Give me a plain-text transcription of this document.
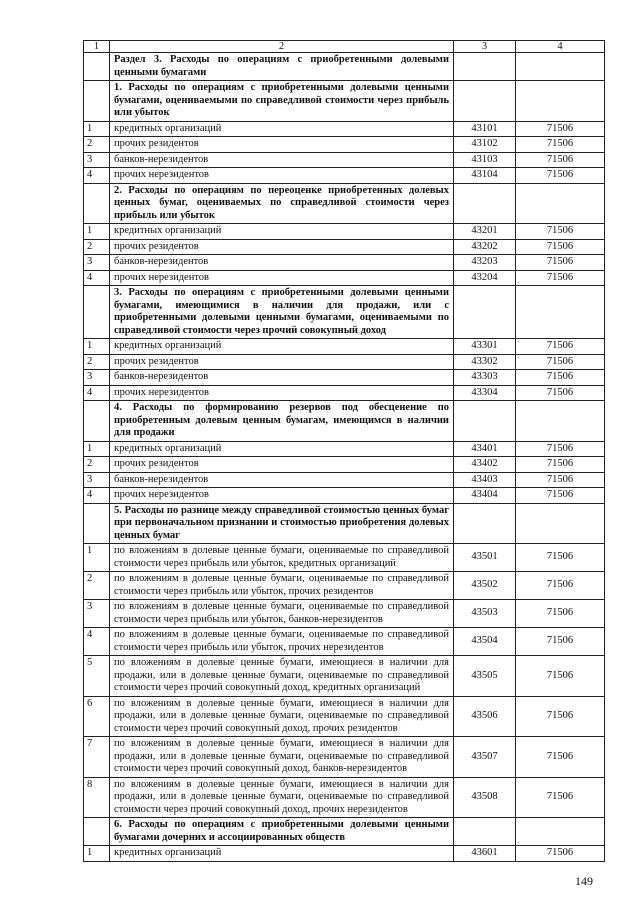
1	2	3	4
	Раздел 3. Расходы по операциям с приобретенными долевыми ценными бумагами		
	1. Расходы по операциям с приобретенными долевыми ценными бумагами, оцениваемыми по справедливой стоимости через прибыль или убыток		
1	кредитных организаций	43101	71506
2	прочих резидентов	43102	71506
3	банков-нерезидентов	43103	71506
4	прочих нерезидентов	43104	71506
	2. Расходы по операциям по переоценке приобретенных долевых ценных бумаг, оцениваемых по справедливой стоимости через прибыль или убыток		
1	кредитных организаций	43201	71506
2	прочих резидентов	43202	71506
3	банков-нерезидентов	43203	71506
4	прочих нерезидентов	43204	71506
	3. Расходы по операциям с приобретенными долевыми ценными бумагами, имеющимися в наличии для продажи, или с приобретенными долевыми ценными бумагами, оцениваемыми по справедливой стоимости через прочий совокупный доход		
1	кредитных организаций	43301	71506
2	прочих резидентов	43302	71506
3	банков-нерезидентов	43303	71506
4	прочих нерезидентов	43304	71506
	4. Расходы по формированию резервов под обесценение по приобретенным долевым ценным бумагам, имеющимся в наличии для продажи		
1	кредитных организаций	43401	71506
2	прочих резидентов	43402	71506
3	банков-нерезидентов	43403	71506
4	прочих нерезидентов	43404	71506
	5. Расходы по разнице между справедливой стоимостью ценных бумаг при первоначальном признании и стоимостью приобретения долевых ценных бумаг		
1	по вложениям в долевые ценные бумаги, оцениваемые по справедливой стоимости через прибыль или убыток, кредитных организаций	43501	71506
2	по вложениям в долевые ценные бумаги, оцениваемые по справедливой стоимости через прибыль или убыток, прочих резидентов	43502	71506
3	по вложениям в долевые ценные бумаги, оцениваемые по справедливой стоимости через прибыль или убыток, банков-нерезидентов	43503	71506
4	по вложениям в долевые ценные бумаги, оцениваемые по справедливой стоимости через прибыль или убыток, прочих нерезидентов	43504	71506
5	по вложениям в долевые ценные бумаги, имеющиеся в наличии для продажи, или в долевые ценные бумаги, оцениваемые по справедливой стоимости через прочий совокупный доход, кредитных организаций	43505	71506
6	по вложениям в долевые ценные бумаги, имеющиеся в наличии для продажи, или в долевые ценные бумаги, оцениваемые по справедливой стоимости через прочий совокупный доход, прочих резидентов	43506	71506
7	по вложениям в долевые ценные бумаги, имеющиеся в наличии для продажи, или в долевые ценные бумаги, оцениваемые по справедливой стоимости через прочий совокупный доход, банков-нерезидентов	43507	71506
8	по вложениям в долевые ценные бумаги, имеющиеся в наличии для продажи, или в долевые ценные бумаги, оцениваемые по справедливой стоимости через прочий совокупный доход, прочих нерезидентов	43508	71506
	6. Расходы по операциям с приобретенными долевыми ценными бумагами дочерних и ассоциированных обществ		
1	кредитных организаций	43601	71506
149
